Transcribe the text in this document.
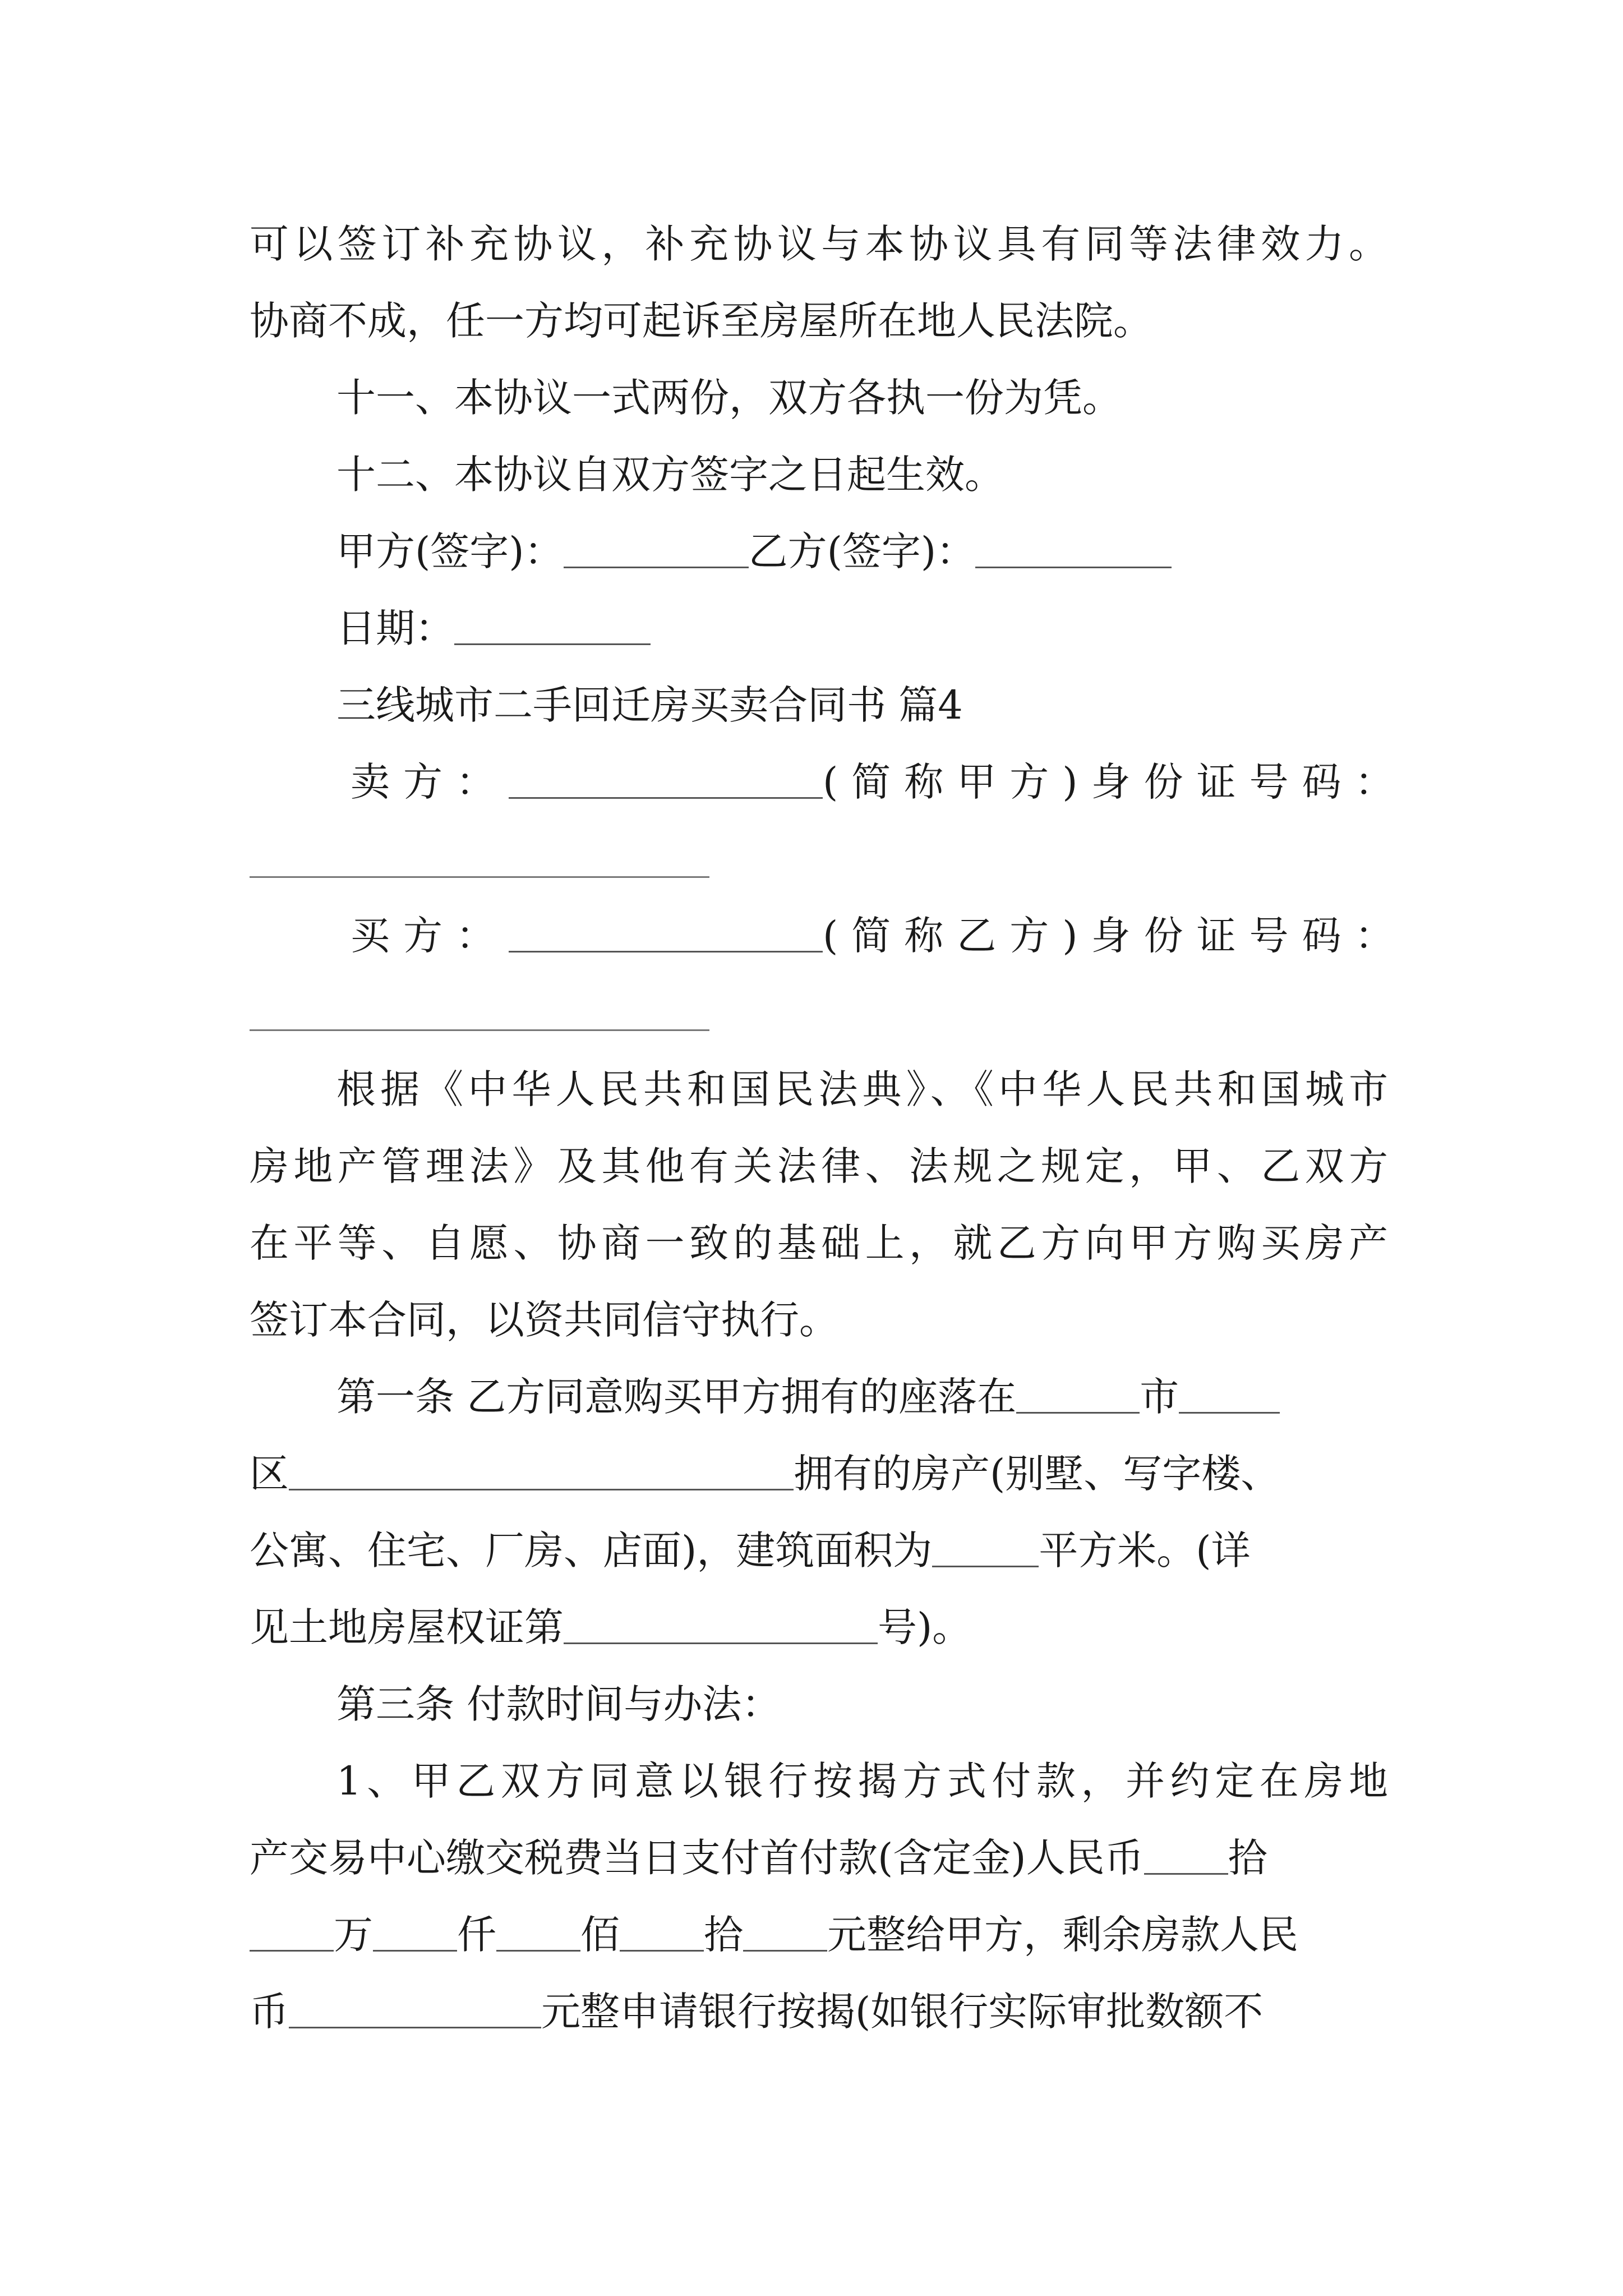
可以签订补充协议，补充协议与本协议具有同等法律效力。
协商不成，任一方均可起诉至房屋所在地人民法院。
十一、本协议一式两份，双方各执一份为凭。
十二、本协议自双方签字之日起生效。
甲方(签字)：	乙方(签字)：
日期：
三线城市二手回迁房买卖合同书 篇4
卖方：	(简称甲方)身份证号码：
买方：	(简称乙方)身份证号码：
根据《中华人民共和国民法典》、《中华人民共和国城市
房地产管理法》及其他有关法律、法规之规定，甲、乙双方
在平等、自愿、协商一致的基础上，就乙方向甲方购买房产
签订本合同，以资共同信守执行。
第一条 乙方同意购买甲方拥有的座落在	市
区	拥有的房产(别墅、写字楼、
公寓、住宅、厂房、店面)，建筑面积为	平方米。(详
见土地房屋权证第	号)。
第三条 付款时间与办法：
1、甲乙双方同意以银行按揭方式付款，并约定在房地
产交易中心缴交税费当日支付首付款(含定金)人民币 拾
万 仟 佰 拾 元整给甲方，剩余房款人民
币	元整申请银行按揭(如银行实际审批数额不
